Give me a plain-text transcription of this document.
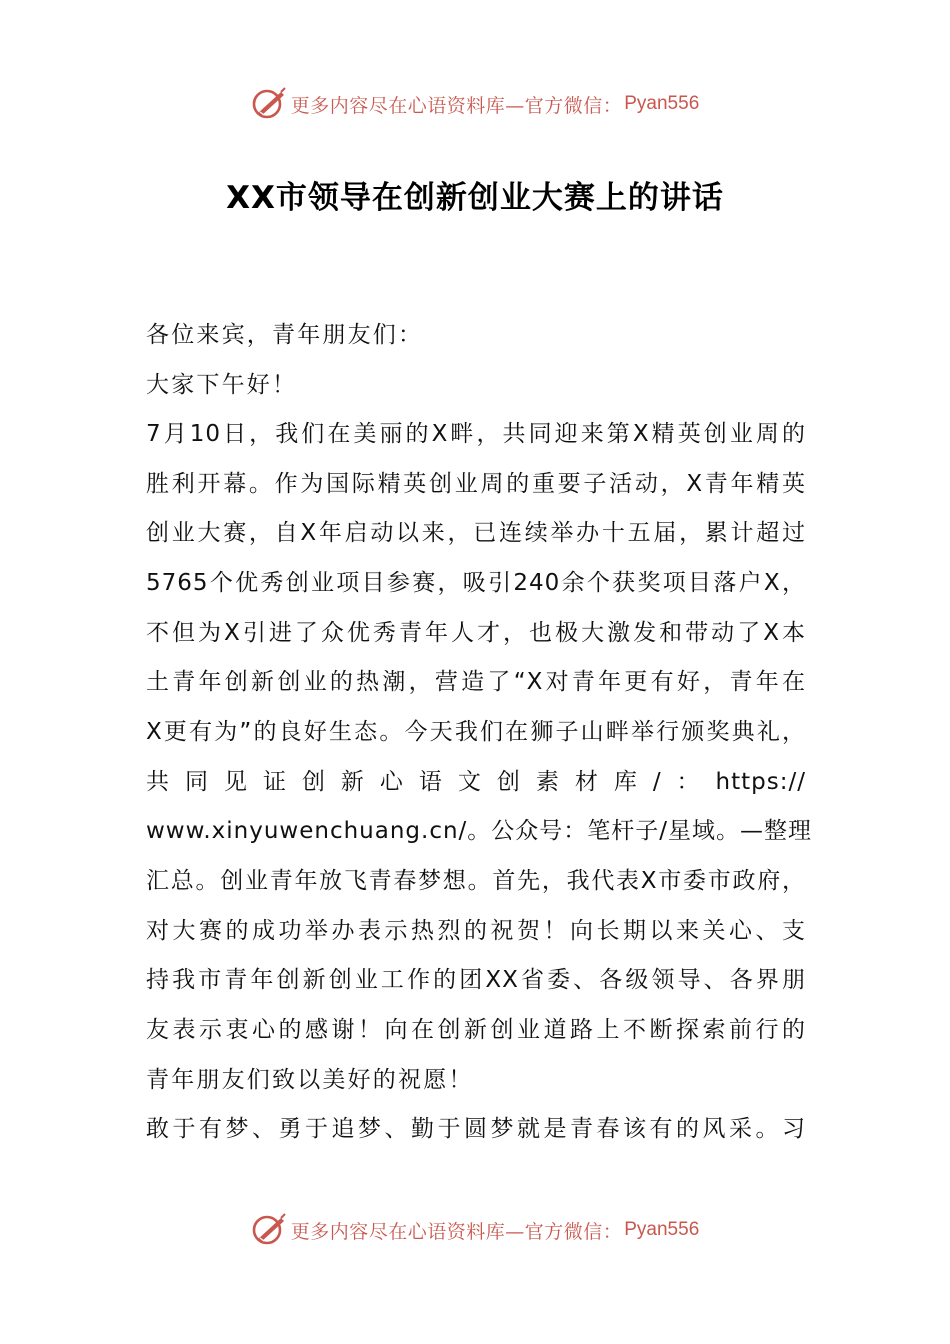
更多内容尽在心语资料库—官方微信： Pyan556
XX市领导在创新创业大赛上的讲话
各位来宾，青年朋友们：
大家下午好！
7月10日，我们在美丽的X畔，共同迎来第X精英创业周的
胜利开幕。作为国际精英创业周的重要子活动，X青年精英
创业大赛，自X年启动以来，已连续举办十五届，累计超过
5765个优秀创业项目参赛，吸引240余个获奖项目落户X，
不但为X引进了众优秀青年人才，也极大激发和带动了X本
土青年创新创业的热潮，营造了“X对青年更有好，青年在
X更有为”的良好生态。今天我们在狮子山畔举行颁奖典礼，
共同见证创新心语文创素材库/：https://
www.xinyuwenchuang.cn/。公众号：笔杆子/星域。—整理
汇总。创业青年放飞青春梦想。首先，我代表X市委市政府，
对大赛的成功举办表示热烈的祝贺！向长期以来关心、支
持我市青年创新创业工作的团XX省委、各级领导、各界朋
友表示衷心的感谢！向在创新创业道路上不断探索前行的
青年朋友们致以美好的祝愿！
敢于有梦、勇于追梦、勤于圆梦就是青春该有的风采。习
更多内容尽在心语资料库—官方微信： Pyan556
